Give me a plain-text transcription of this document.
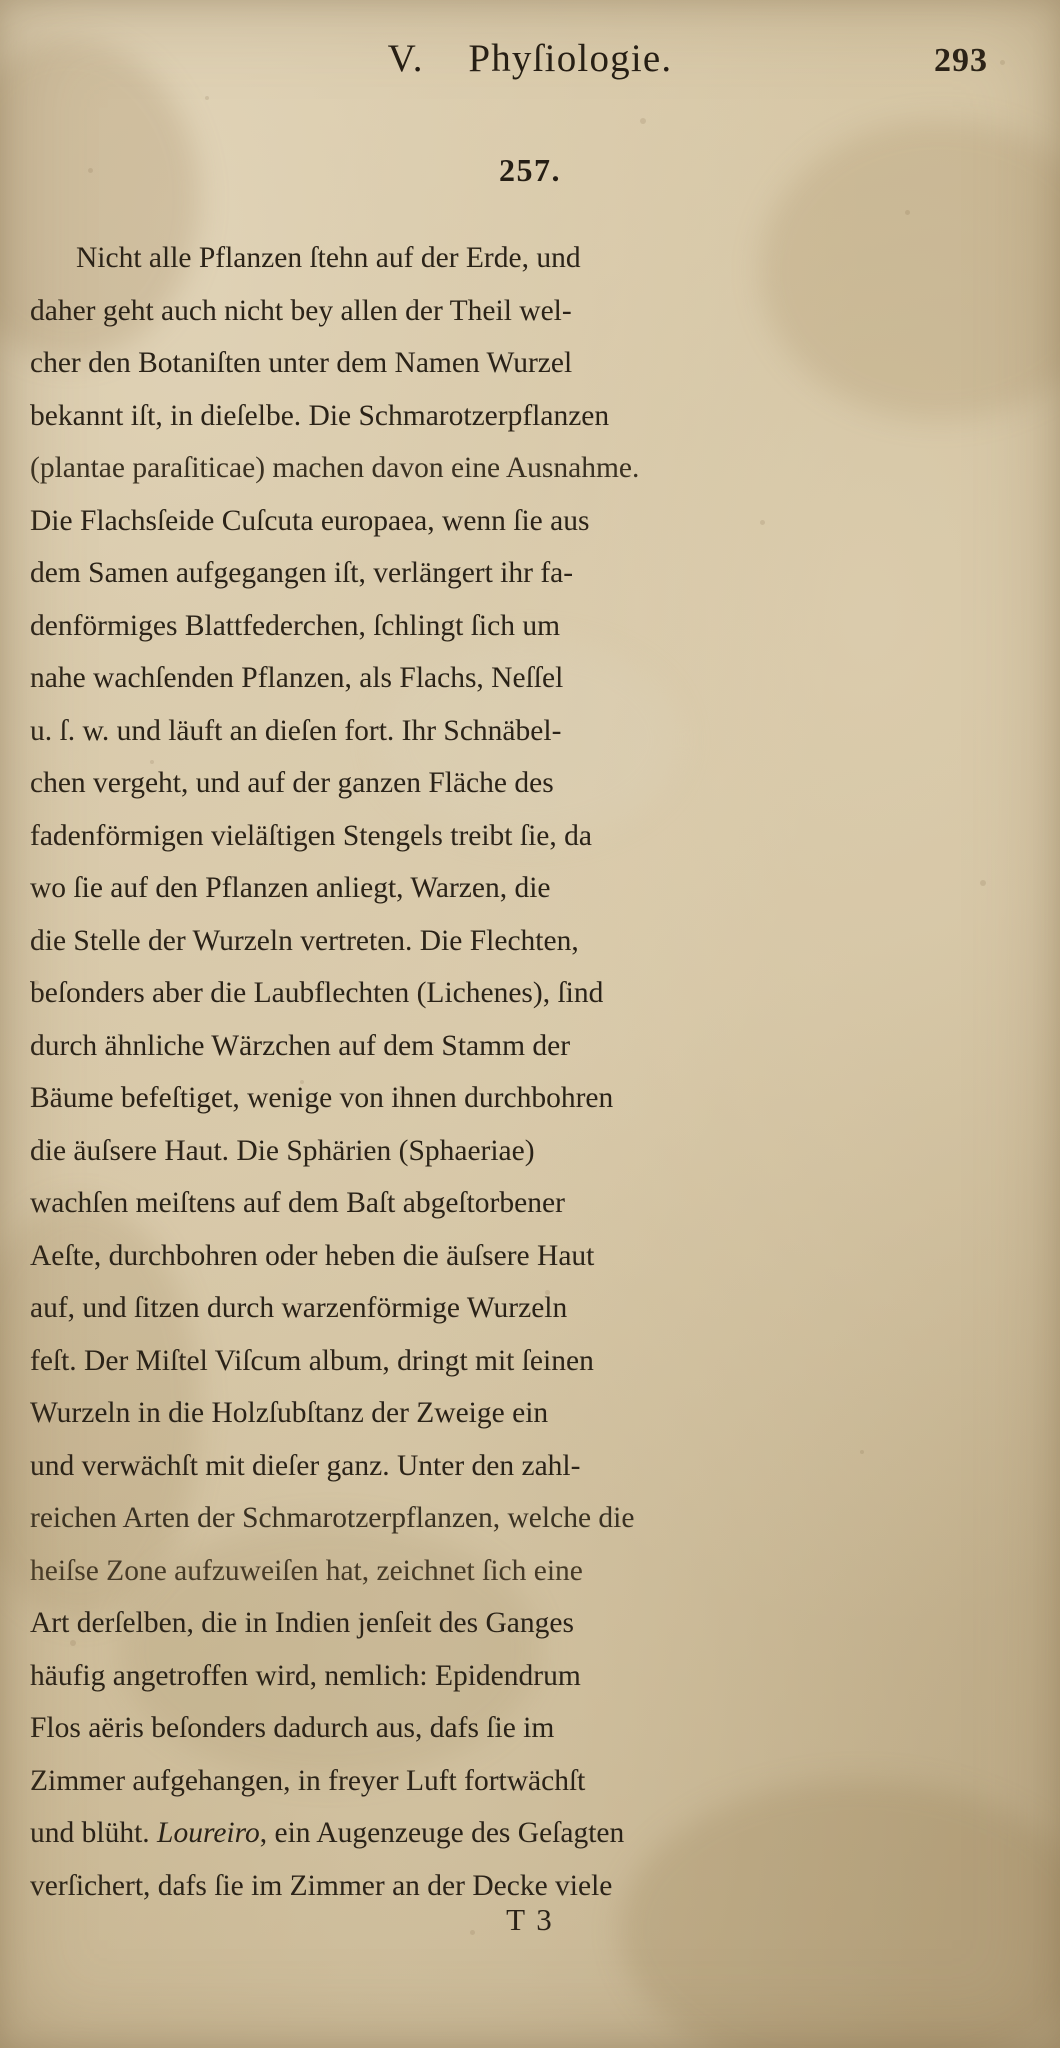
V. Phyſiologie.	293
257.

Nicht alle Pflanzen ſtehn auf der Erde, und
daher geht auch nicht bey allen der Theil wel-
cher den Botaniſten unter dem Namen Wurzel
bekannt iſt, in dieſelbe. Die Schmarotzerpflanzen
(plantae paraſiticae) machen davon eine Ausnahme.
Die Flachsſeide Cuſcuta europaea, wenn ſie aus
dem Samen aufgegangen iſt, verlängert ihr fa-
denförmiges Blattfederchen, ſchlingt ſich um
nahe wachſenden Pflanzen, als Flachs, Neſſel
u. ſ. w. und läuft an dieſen fort. Ihr Schnäbel-
chen vergeht, und auf der ganzen Fläche des
fadenförmigen vieläſtigen Stengels treibt ſie, da
wo ſie auf den Pflanzen anliegt, Warzen, die
die Stelle der Wurzeln vertreten. Die Flechten,
beſonders aber die Laubflechten (Lichenes), ſind
durch ähnliche Wärzchen auf dem Stamm der
Bäume befeſtiget, wenige von ihnen durchbohren
die äuſsere Haut. Die Sphärien (Sphaeriae)
wachſen meiſtens auf dem Baſt abgeſtorbener
Aeſte, durchbohren oder heben die äuſsere Haut
auf, und ſitzen durch warzenförmige Wurzeln
feſt. Der Miſtel Viſcum album, dringt mit ſeinen
Wurzeln in die Holzſubſtanz der Zweige ein
und verwächſt mit dieſer ganz. Unter den zahl-
reichen Arten der Schmarotzerpflanzen, welche die
heiſse Zone aufzuweiſen hat, zeichnet ſich eine
Art derſelben, die in Indien jenſeit des Ganges
häufig angetroffen wird, nemlich: Epidendrum
Flos aëris beſonders dadurch aus, dafs ſie im
Zimmer aufgehangen, in freyer Luft fortwächſt
und blüht. Loureiro, ein Augenzeuge des Geſagten
verſichert, dafs ſie im Zimmer an der Decke viele

T 3
